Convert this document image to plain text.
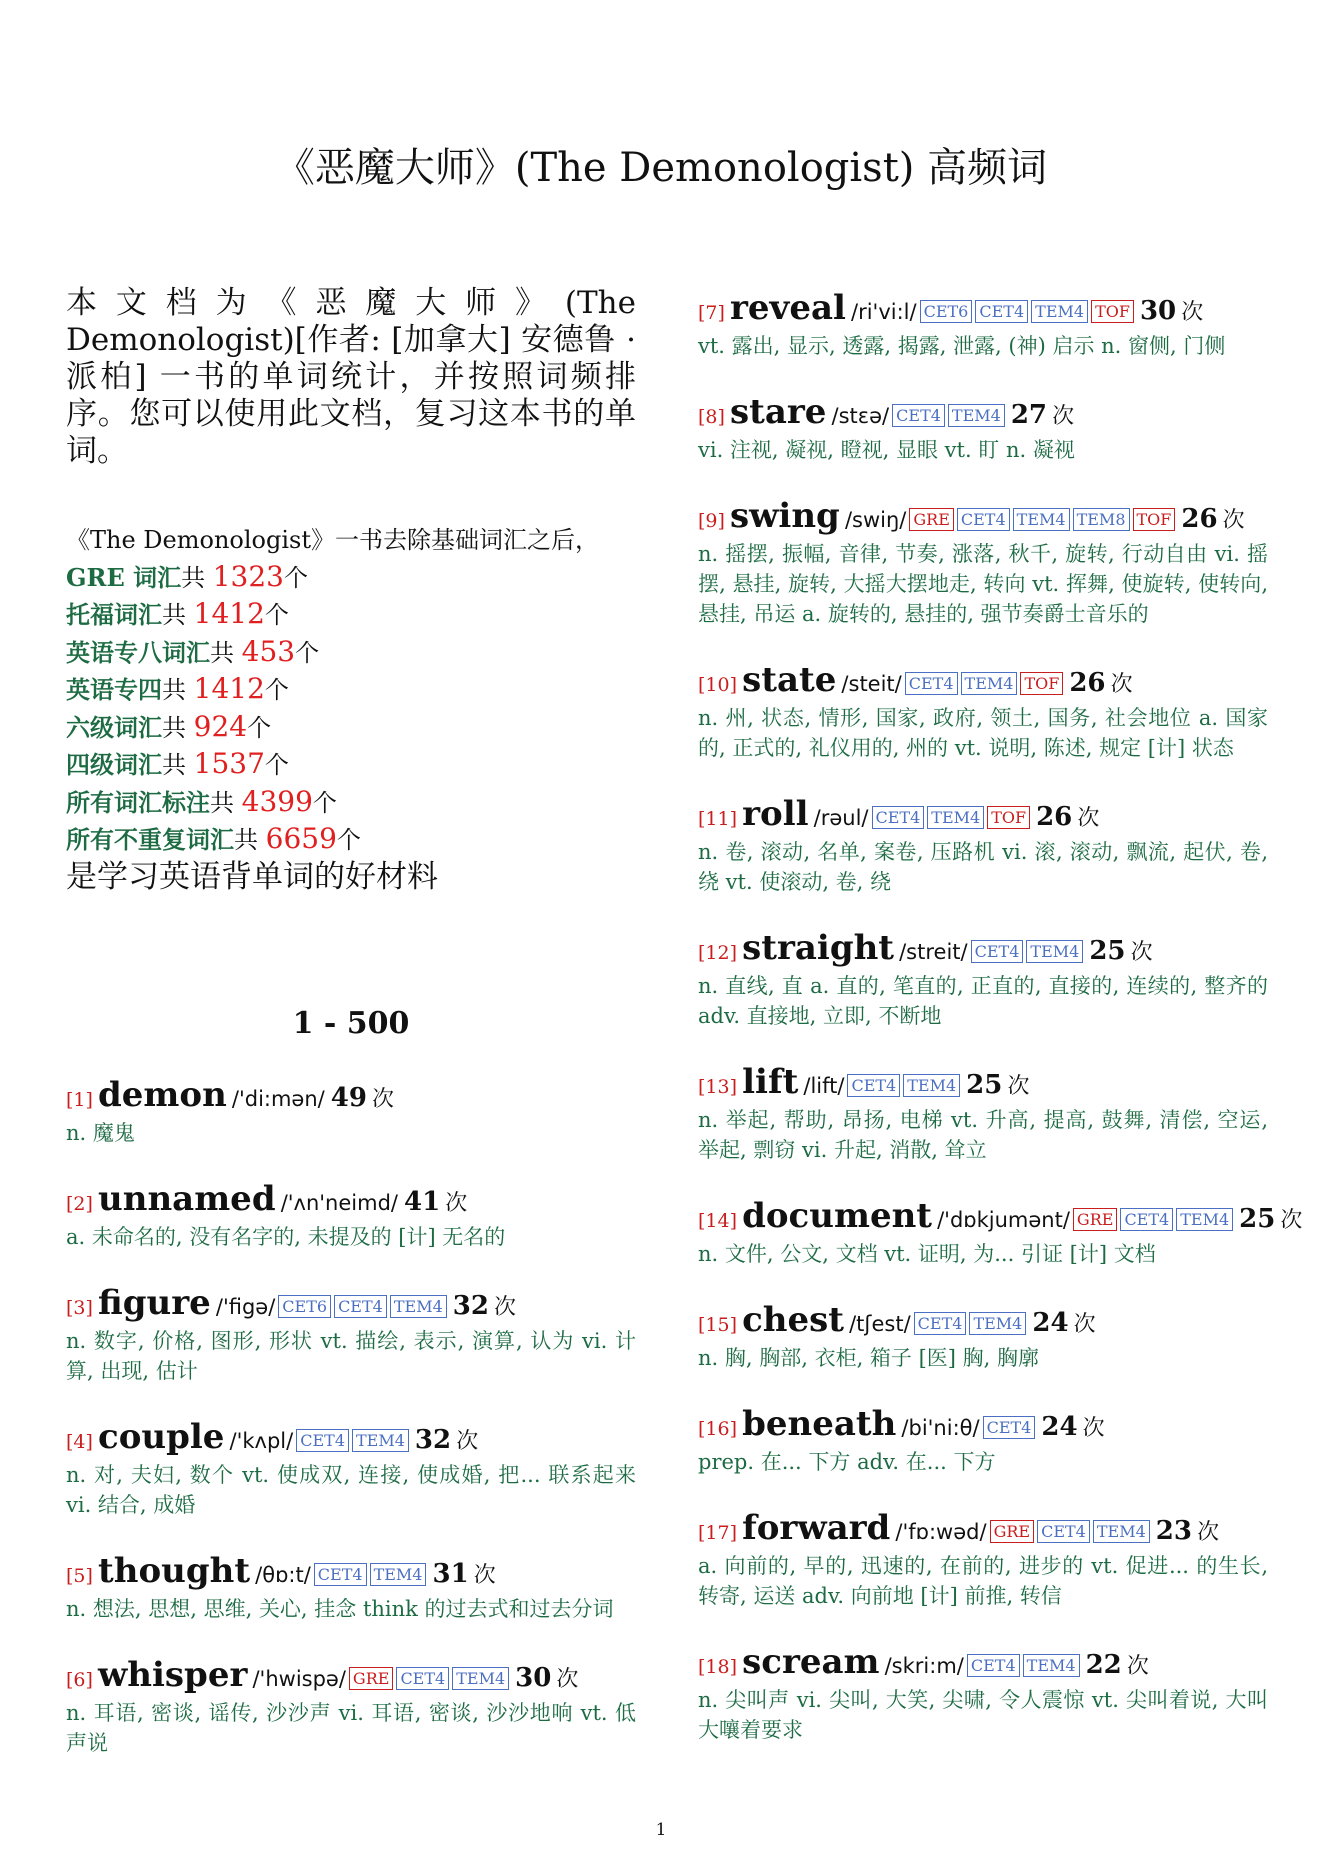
《恶魔大师》(The Demonologist) 高频词

本文档为《恶魔大师》(The Demonologist)[作者: [加拿大] 安德鲁 · 派柏] 一书的单词统计，并按照词频排序。您可以使用此文档，复习这本书的单词。

《The Demonologist》一书去除基础词汇之后，
GRE 词汇共 1323个
托福词汇共 1412个
英语专八词汇共 453个
英语专四共 1412个
六级词汇共 924个
四级词汇共 1537个
所有词汇标注共 4399个
所有不重复词汇共 6659个
是学习英语背单词的好材料
1 - 500
[1] demon /'di:mən/ 49 次
n. 魔鬼
[2] unnamed /'ʌn'neimd/ 41 次
a. 未命名的, 没有名字的, 未提及的 [计] 无名的
[3] figure /'figə/ CET6 CET4 TEM4 32 次
n. 数字, 价格, 图形, 形状 vt. 描绘, 表示, 演算, 认为 vi. 计算, 出现, 估计
[4] couple /'kʌpl/ CET4 TEM4 32 次
n. 对, 夫妇, 数个 vt. 使成双, 连接, 使成婚, 把... 联系起来 vi. 结合, 成婚
[5] thought /θɒ:t/ CET4 TEM4 31 次
n. 想法, 思想, 思维, 关心, 挂念 think 的过去式和过去分词
[6] whisper /'hwispə/ GRE CET4 TEM4 30 次
n. 耳语, 密谈, 谣传, 沙沙声 vi. 耳语, 密谈, 沙沙地响 vt. 低声说
[7] reveal /ri'vi:l/ CET6 CET4 TEM4 TOF 30 次
vt. 露出, 显示, 透露, 揭露, 泄露, (神) 启示 n. 窗侧, 门侧
[8] stare /stɛə/ CET4 TEM4 27 次
vi. 注视, 凝视, 瞪视, 显眼 vt. 盯 n. 凝视
[9] swing /swiŋ/ GRE CET4 TEM4 TEM8 TOF 26 次
n. 摇摆, 振幅, 音律, 节奏, 涨落, 秋千, 旋转, 行动自由 vi. 摇摆, 悬挂, 旋转, 大摇大摆地走, 转向 vt. 挥舞, 使旋转, 使转向, 悬挂, 吊运 a. 旋转的, 悬挂的, 强节奏爵士音乐的
[10] state /steit/ CET4 TEM4 TOF 26 次
n. 州, 状态, 情形, 国家, 政府, 领土, 国务, 社会地位 a. 国家的, 正式的, 礼仪用的, 州的 vt. 说明, 陈述, 规定 [计] 状态
[11] roll /rəul/ CET4 TEM4 TOF 26 次
n. 卷, 滚动, 名单, 案卷, 压路机 vi. 滚, 滚动, 飘流, 起伏, 卷, 绕 vt. 使滚动, 卷, 绕
[12] straight /streit/ CET4 TEM4 25 次
n. 直线, 直 a. 直的, 笔直的, 正直的, 直接的, 连续的, 整齐的 adv. 直接地, 立即, 不断地
[13] lift /lift/ CET4 TEM4 25 次
n. 举起, 帮助, 昂扬, 电梯 vt. 升高, 提高, 鼓舞, 清偿, 空运, 举起, 剽窃 vi. 升起, 消散, 耸立
[14] document /'dɒkjumənt/ GRE CET4 TEM4 25 次
n. 文件, 公文, 文档 vt. 证明, 为... 引证 [计] 文档
[15] chest /tʃest/ CET4 TEM4 24 次
n. 胸, 胸部, 衣柜, 箱子 [医] 胸, 胸廓
[16] beneath /bi'ni:θ/ CET4 24 次
prep. 在... 下方 adv. 在... 下方
[17] forward /'fɒ:wəd/ GRE CET4 TEM4 23 次
a. 向前的, 早的, 迅速的, 在前的, 进步的 vt. 促进... 的生长, 转寄, 运送 adv. 向前地 [计] 前推, 转信
[18] scream /skri:m/ CET4 TEM4 22 次
n. 尖叫声 vi. 尖叫, 大笑, 尖啸, 令人震惊 vt. 尖叫着说, 大叫大嚷着要求
1
